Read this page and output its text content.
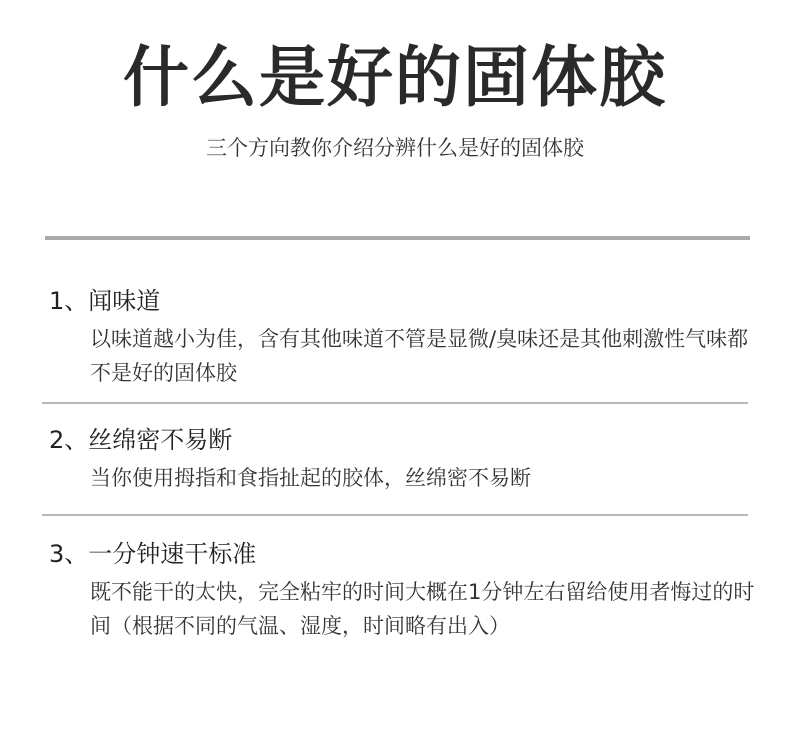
什么是好的固体胶
三个方向教你介绍分辨什么是好的固体胶
1、闻味道
以味道越小为佳，含有其他味道不管是显微/臭味还是其他刺激性气味都不是好的固体胶
2、丝绵密不易断
当你使用拇指和食指扯起的胶体，丝绵密不易断
3、一分钟速干标准
既不能干的太快，完全粘牢的时间大概在1分钟左右留给使用者悔过的时间（根据不同的气温、湿度，时间略有出入）
